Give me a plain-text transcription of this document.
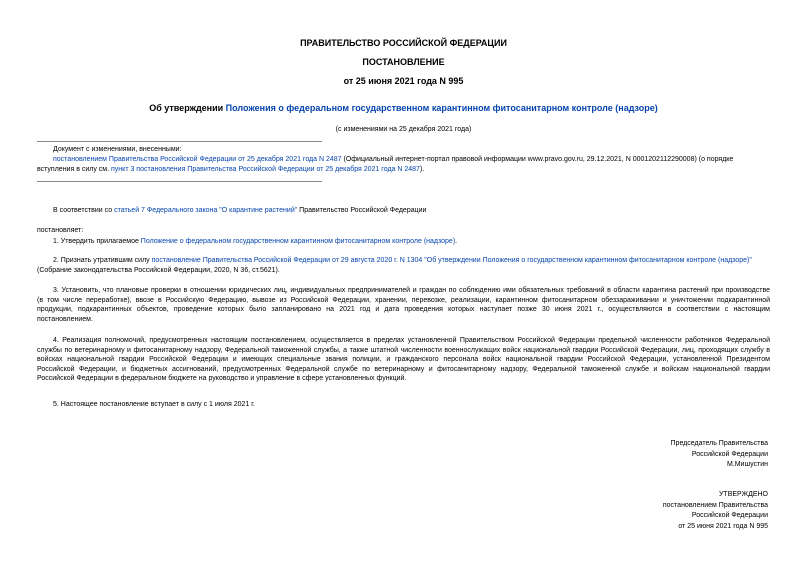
ПРАВИТЕЛЬСТВО РОССИЙСКОЙ ФЕДЕРАЦИИ
ПОСТАНОВЛЕНИЕ
от 25 июня 2021 года N 995
Об утверждении Положения о федеральном государственном карантинном фитосанитарном контроле (надзоре)
(с изменениями на 25 декабря 2021 года)
Документ с изменениями, внесенными:
постановлением Правительства Российской Федерации от 25 декабря 2021 года N 2487 (Официальный интернет-портал правовой информации www.pravo.gov.ru, 29.12.2021, N 0001202112290008) (о порядке
вступления в силу см. пункт 3 постановления Правительства Российской Федерации от 25 декабря 2021 года N 2487).
В соответствии со статьей 7 Федерального закона "О карантине растений" Правительство Российской Федерации
постановляет:
1. Утвердить прилагаемое Положение о федеральном государственном карантинном фитосанитарном контроле (надзоре).
2. Признать утратившим силу постановление Правительства Российской Федерации от 29 августа 2020 г. N 1304 "Об утверждении Положения о государственном карантинном фитосанитарном контроле (надзоре)"
(Собрание законодательства Российской Федерации, 2020, N 36, ст.5621).
3. Установить, что плановые проверки в отношении юридических лиц, индивидуальных предпринимателей и граждан по соблюдению ими обязательных требований в области карантина растений при производстве
(в том числе переработке), ввозе в Российскую Федерацию, вывозе из Российской Федерации, хранении, перевозке, реализации, карантинном фитосанитарном обеззараживании и уничтожении подкарантинной
продукции, подкарантинных объектов, проведение которых было запланировано на 2021 год и дата проведения которых наступает позже 30 июня 2021 г., осуществляются в соответствии с настоящим
постановлением.
4. Реализация полномочий, предусмотренных настоящим постановлением, осуществляется в пределах установленной Правительством Российской Федерации предельной численности работников Федеральной
службы по ветеринарному и фитосанитарному надзору, Федеральной таможенной службы, а также штатной численности военнослужащих войск национальной гвардии Российской Федерации, лиц, проходящих службу в
войсках национальной гвардии Российской Федерации и имеющих специальные звания полиции, и гражданского персонала войск национальной гвардии Российской Федерации, установленной Президентом
Российской Федерации, и бюджетных ассигнований, предусмотренных Федеральной службе по ветеринарному и фитосанитарному надзору, Федеральной таможенной службе и войскам национальной гвардии
Российской Федерации в федеральном бюджете на руководство и управление в сфере установленных функций.
5. Настоящее постановление вступает в силу с 1 июля 2021 г.
Председатель Правительства
Российской Федерации
М.Мишустин
УТВЕРЖДЕНО
постановлением Правительства
Российской Федерации
от 25 июня 2021 года N 995
